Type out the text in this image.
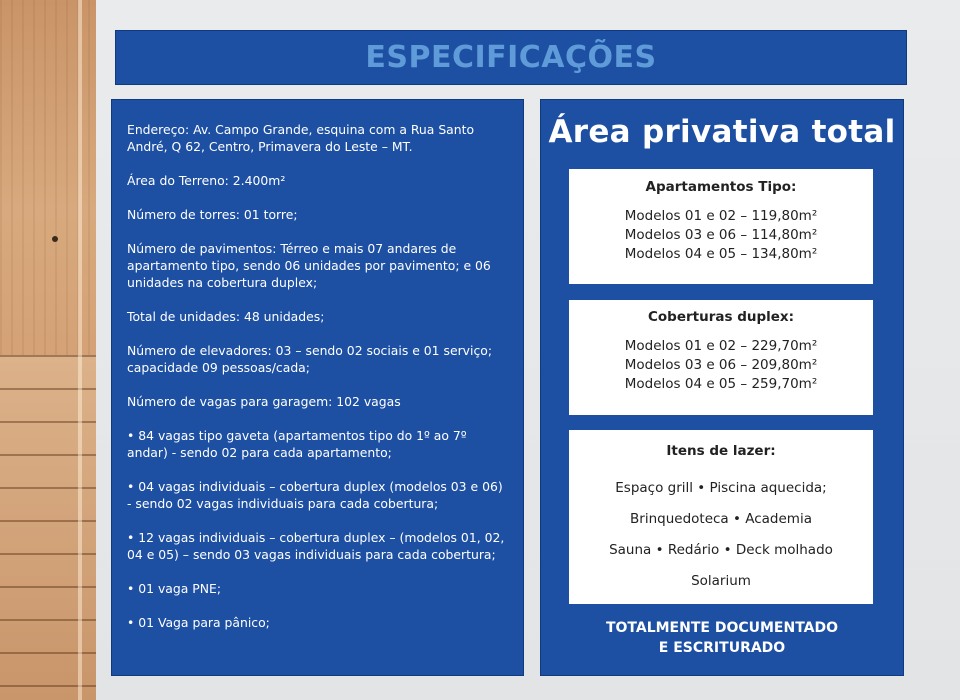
ESPECIFICAÇÕES

Endereço: Av. Campo Grande, esquina com a Rua Santo André, Q 62, Centro, Primavera do Leste – MT.

Área do Terreno: 2.400m²

Número de torres: 01 torre;

Número de pavimentos: Térreo e mais 07 andares de apartamento tipo, sendo 06 unidades por pavimento; e 06 unidades na cobertura duplex;

Total de unidades: 48 unidades;

Número de elevadores: 03 – sendo 02 sociais e 01 serviço; capacidade 09 pessoas/cada;

Número de vagas para garagem: 102 vagas

• 84 vagas tipo gaveta (apartamentos tipo do 1º ao 7º andar) - sendo 02 para cada apartamento;

• 04 vagas individuais – cobertura duplex (modelos 03 e 06) - sendo 02 vagas individuais para cada cobertura;

• 12 vagas individuais – cobertura duplex – (modelos 01, 02, 04 e 05) – sendo 03 vagas individuais para cada cobertura;

• 01 vaga PNE;

• 01 Vaga para pânico;

Área privativa total
Apartamentos Tipo:
Modelos 01 e 02 – 119,80m²
Modelos 03 e 06 – 114,80m²
Modelos 04 e 05 – 134,80m²
Coberturas duplex:
Modelos 01 e 02 – 229,70m²
Modelos 03 e 06 – 209,80m²
Modelos 04 e 05 – 259,70m²
Itens de lazer:
Espaço grill • Piscina aquecida;
Brinquedoteca • Academia
Sauna • Redário • Deck molhado
Solarium
TOTALMENTE DOCUMENTADO
E ESCRITURADO
